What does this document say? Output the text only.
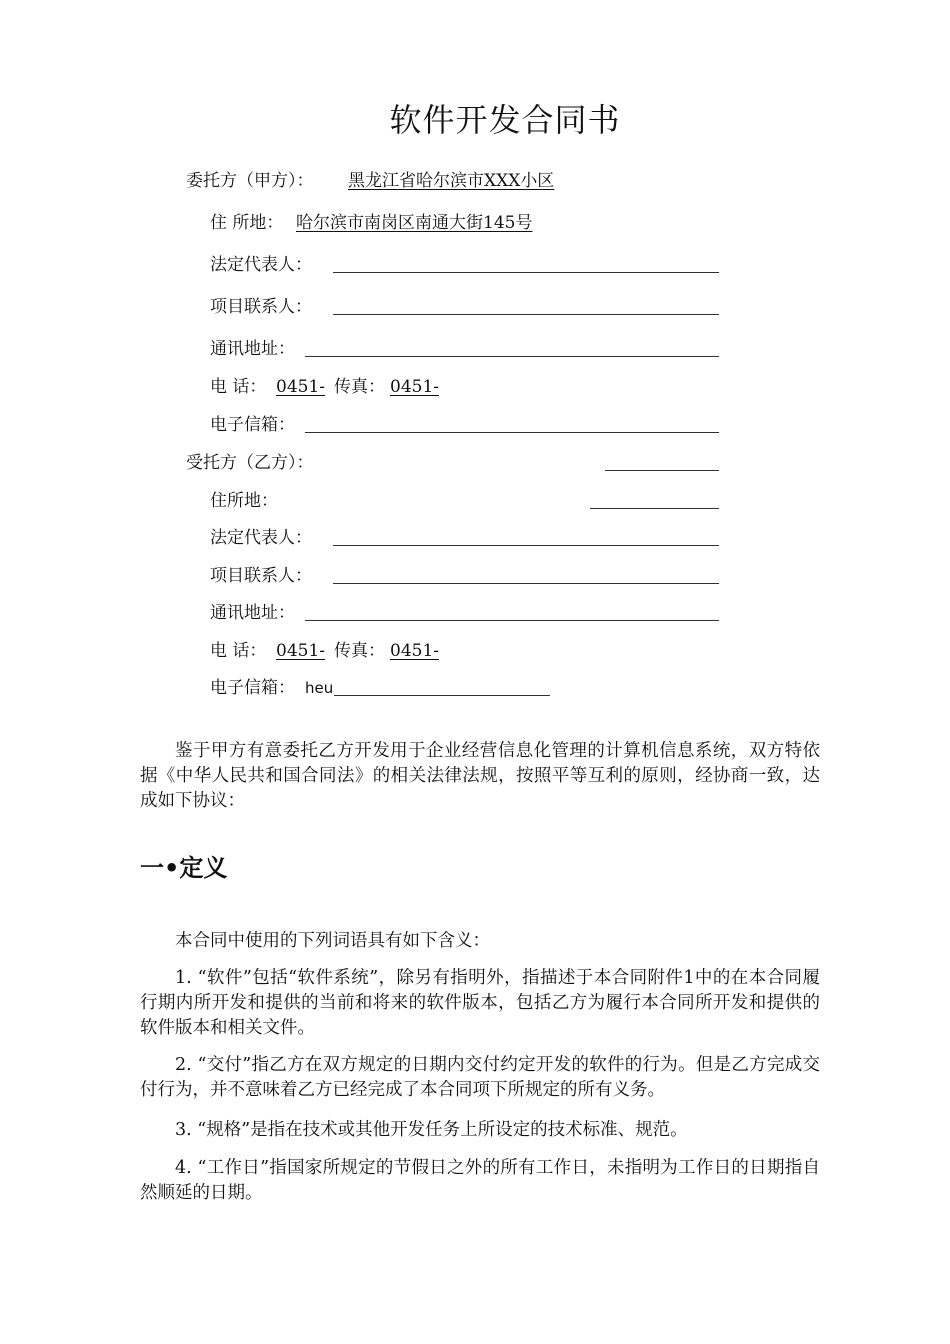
软件开发合同书
委托方（甲方）： 黑龙江省哈尔滨市XXX小区
住 所地： 哈尔滨市南岗区南通大街145号
法定代表人：
项目联系人：
通讯地址：
电 话： 0451- 传真： 0451-
电子信箱：
受托方（乙方）：
住所地：
法定代表人：
项目联系人：
通讯地址：
电 话： 0451- 传真： 0451-
电子信箱： heu
鉴于甲方有意委托乙方开发用于企业经营信息化管理的计算机信息系统，双方特依据《中华人民共和国合同法》的相关法律法规，按照平等互利的原则，经协商一致，达成如下协议：
一•定义
本合同中使用的下列词语具有如下含义：
1. “软件”包括“软件系统”，除另有指明外，指描述于本合同附件1中的在本合同履行期内所开发和提供的当前和将来的软件版本，包括乙方为履行本合同所开发和提供的软件版本和相关文件。
2. “交付”指乙方在双方规定的日期内交付约定开发的软件的行为。但是乙方完成交付行为，并不意味着乙方已经完成了本合同项下所规定的所有义务。
3. “规格”是指在技术或其他开发任务上所设定的技术标准、规范。
4. “工作日”指国家所规定的节假日之外的所有工作日，未指明为工作日的日期指自然顺延的日期。
